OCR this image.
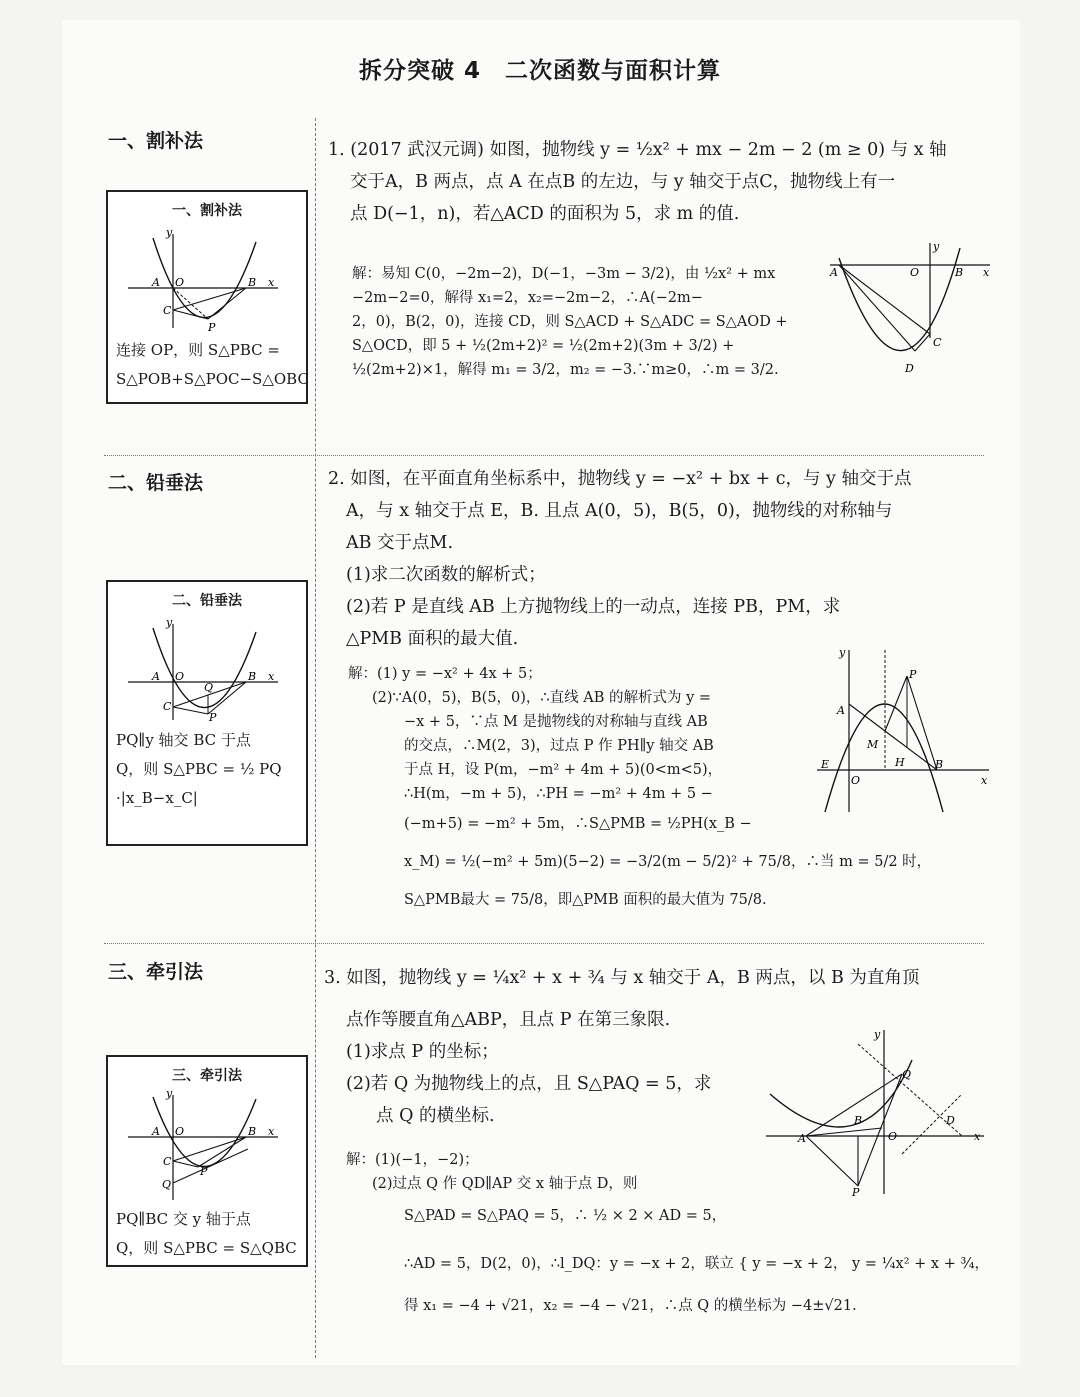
拆分突破 4　二次函数与面积计算
一、割补法
一、割补法
y
x
A O	B
C
P
连接 OP，则 S△PBC =
S△POB+S△POC−S△OBC
二、铅垂法
二、铅垂法
y
x
A O
Q
B
C
P
PQ∥y 轴交 BC 于点
Q，则 S△PBC = ½ PQ
·|x_B−x_C|
三、牵引法
三、牵引法
y
x
A O	B
C
P
Q
PQ∥BC 交 y 轴于点
Q，则 S△PBC = S△QBC
1. (2017 武汉元调) 如图，抛物线 y = ½x² + mx − 2m − 2 (m ≥ 0) 与 x 轴
交于A，B 两点，点 A 在点B 的左边，与 y 轴交于点C，抛物线上有一
点 D(−1，n)，若△ACD 的面积为 5，求 m 的值.
解：易知 C(0，−2m−2)，D(−1，−3m − 3/2)，由 ½x² + mx
−2m−2=0，解得 x₁=2，x₂=−2m−2，∴A(−2m−
2，0)，B(2，0)，连接 CD，则 S△ACD + S△ADC = S△AOD +
S△OCD，即 5 + ½(2m+2)² = ½(2m+2)(3m + 3/2) +
½(2m+2)×1，解得 m₁ = 3/2，m₂ = −3.∵m≥0，∴m = 3/2.
A	O	B
y
x
C
D
2. 如图，在平面直角坐标系中，抛物线 y = −x² + bx + c，与 y 轴交于点
A，与 x 轴交于点 E，B. 且点 A(0，5)，B(5，0)，抛物线的对称轴与
AB 交于点M.
(1)求二次函数的解析式；
(2)若 P 是直线 AB 上方抛物线上的一动点，连接 PB，PM，求
△PMB 面积的最大值.
解：(1) y = −x² + 4x + 5；
(2)∵A(0，5)，B(5，0)，∴直线 AB 的解析式为 y =
−x + 5，∵点 M 是抛物线的对称轴与直线 AB
的交点，∴M(2，3)，过点 P 作 PH∥y 轴交 AB
于点 H，设 P(m，−m² + 4m + 5)(0<m<5)，
∴H(m，−m + 5)，∴PH = −m² + 4m + 5 −
(−m+5) = −m² + 5m，∴S△PMB = ½PH(x_B −
x_M) = ½(−m² + 5m)(5−2) = −3/2(m − 5/2)² + 75/8，∴当 m = 5/2 时，
S△PMB最大 = 75/8，即△PMB 面积的最大值为 75/8.
y
x
A
P
M
H
E
O
B
3. 如图，抛物线 y = ¼x² + x + ¾ 与 x 轴交于 A，B 两点，以 B 为直角顶
点作等腰直角△ABP，且点 P 在第三象限.
(1)求点 P 的坐标；
(2)若 Q 为抛物线上的点，且 S△PAQ = 5，求
点 Q 的横坐标.
解：(1)(−1，−2)；
(2)过点 Q 作 QD∥AP 交 x 轴于点 D，则
S△PAD = S△PAQ = 5，∴ ½ × 2 × AD = 5，
∴AD = 5，D(2，0)，∴l_DQ：y = −x + 2，联立 { y = −x + 2， y = ¼x² + x + ¾，
得 x₁ = −4 + √21，x₂ = −4 − √21，∴点 Q 的横坐标为 −4±√21.
y
x
A
B
O
Q
D
P
